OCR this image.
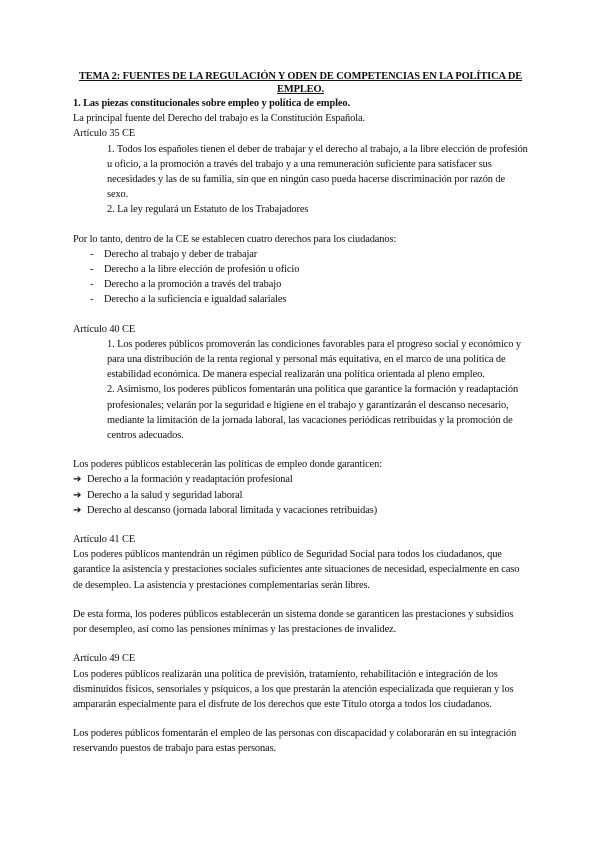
TEMA 2: FUENTES DE LA REGULACIÓN Y ODEN DE COMPETENCIAS EN LA POLÍTICA DE EMPLEO.

1. Las piezas constitucionales sobre empleo y política de empleo.

La principal fuente del Derecho del trabajo es la Constitución Española.

Artículo 35 CE

1. Todos los españoles tienen el deber de trabajar y el derecho al trabajo, a la libre elección de profesión u oficio, a la promoción a través del trabajo y a una remuneración suficiente para satisfacer sus necesidades y las de su familia, sin que en ningún caso pueda hacerse discriminación por razón de sexo.

2. La ley regulará un Estatuto de los Trabajadores

Por lo tanto, dentro de la CE se establecen cuatro derechos para los ciudadanos:

- Derecho al trabajo y deber de trabajar
- Derecho a la libre elección de profesión u oficio
- Derecho a la promoción a través del trabajo
- Derecho a la suficiencia e igualdad salariales

Artículo 40 CE

1. Los poderes públicos promoverán las condiciones favorables para el progreso social y económico y para una distribución de la renta regional y personal más equitativa, en el marco de una política de estabilidad económica. De manera especial realizarán una política orientada al pleno empleo.

2. Asimismo, los poderes públicos fomentarán una política que garantice la formación y readaptación profesionales; velarán por la seguridad e higiene en el trabajo y garantizarán el descanso necesario, mediante la limitación de la jornada laboral, las vacaciones periódicas retribuidas y la promoción de centros adecuados.

Los poderes públicos establecerán las políticas de empleo donde garanticen:

➔ Derecho a la formación y readaptación profesional
➔ Derecho a la salud y seguridad laboral
➔ Derecho al descanso (jornada laboral limitada y vacaciones retribuidas)

Artículo 41 CE

Los poderes públicos mantendrán un régimen público de Seguridad Social para todos los ciudadanos, que garantice la asistencia y prestaciones sociales suficientes ante situaciones de necesidad, especialmente en caso de desempleo. La asistencia y prestaciones complementarias serán libres.

De esta forma, los poderes públicos establecerán un sistema donde se garanticen las prestaciones y subsidios por desempleo, así como las pensiones mínimas y las prestaciones de invalidez.

Artículo 49 CE

Los poderes públicos realizarán una política de previsión, tratamiento, rehabilitación e integración de los disminuidos físicos, sensoriales y psíquicos, a los que prestarán la atención especializada que requieran y los ampararán especialmente para el disfrute de los derechos que este Título otorga a todos los ciudadanos.

Los poderes públicos fomentarán el empleo de las personas con discapacidad y colaborarán en su integración reservando puestos de trabajo para estas personas.
